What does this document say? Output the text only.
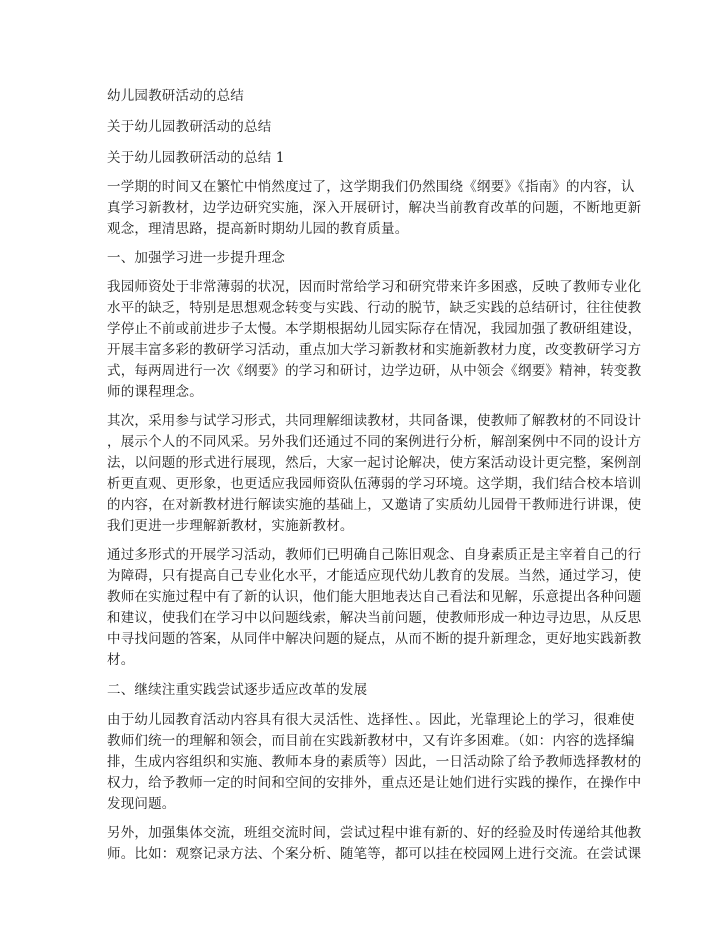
幼儿园教研活动的总结
关于幼儿园教研活动的总结
关于幼儿园教研活动的总结 1
一学期的时间又在繁忙中悄然度过了，这学期我们仍然围绕《纲要》《指南》的内容，认
真学习新教材，边学边研究实施，深入开展研讨，解决当前教育改革的问题，不断地更新
观念，理清思路，提高新时期幼儿园的教育质量。
一、加强学习进一步提升理念
我园师资处于非常薄弱的状况，因而时常给学习和研究带来许多困惑，反映了教师专业化
水平的缺乏，特别是思想观念转变与实践、行动的脱节，缺乏实践的总结研讨，往往使教
学停止不前或前进步子太慢。本学期根据幼儿园实际存在情况，我园加强了教研组建设，
开展丰富多彩的教研学习活动，重点加大学习新教材和实施新教材力度，改变教研学习方
式，每两周进行一次《纲要》的学习和研讨，边学边研，从中领会《纲要》精神，转变教
师的课程理念。
其次，采用参与试学习形式，共同理解细读教材，共同备课，使教师了解教材的不同设计
，展示个人的不同风采。另外我们还通过不同的案例进行分析，解剖案例中不同的设计方
法，以问题的形式进行展现，然后，大家一起讨论解决，使方案活动设计更完整，案例剖
析更直观、更形象，也更适应我园师资队伍薄弱的学习环境。这学期，我们结合校本培训
的内容，在对新教材进行解读实施的基础上，又邀请了实质幼儿园骨干教师进行讲课，使
我们更进一步理解新教材，实施新教材。
通过多形式的开展学习活动，教师们已明确自己陈旧观念、自身素质正是主宰着自己的行
为障碍，只有提高自己专业化水平，才能适应现代幼儿教育的发展。当然，通过学习，使
教师在实施过程中有了新的认识，他们能大胆地表达自己看法和见解，乐意提出各种问题
和建议，使我们在学习中以问题线索，解决当前问题，使教师形成一种边寻边思，从反思
中寻找问题的答案，从同伴中解决问题的疑点，从而不断的提升新理念，更好地实践新教
材。
二、继续注重实践尝试逐步适应改革的发展
由于幼儿园教育活动内容具有很大灵活性、选择性、。因此，光靠理论上的学习，很难使
教师们统一的理解和领会，而目前在实践新教材中，又有许多困难。（如：内容的选择编
排，生成内容组织和实施、教师本身的素质等）因此，一日活动除了给予教师选择教材的
权力，给予教师一定的时间和空间的安排外，重点还是让她们进行实践的操作，在操作中
发现问题。
另外，加强集体交流，班组交流时间，尝试过程中谁有新的、好的经验及时传递给其他教
师。比如：观察记录方法、个案分析、随笔等，都可以挂在校园网上进行交流。在尝试课
